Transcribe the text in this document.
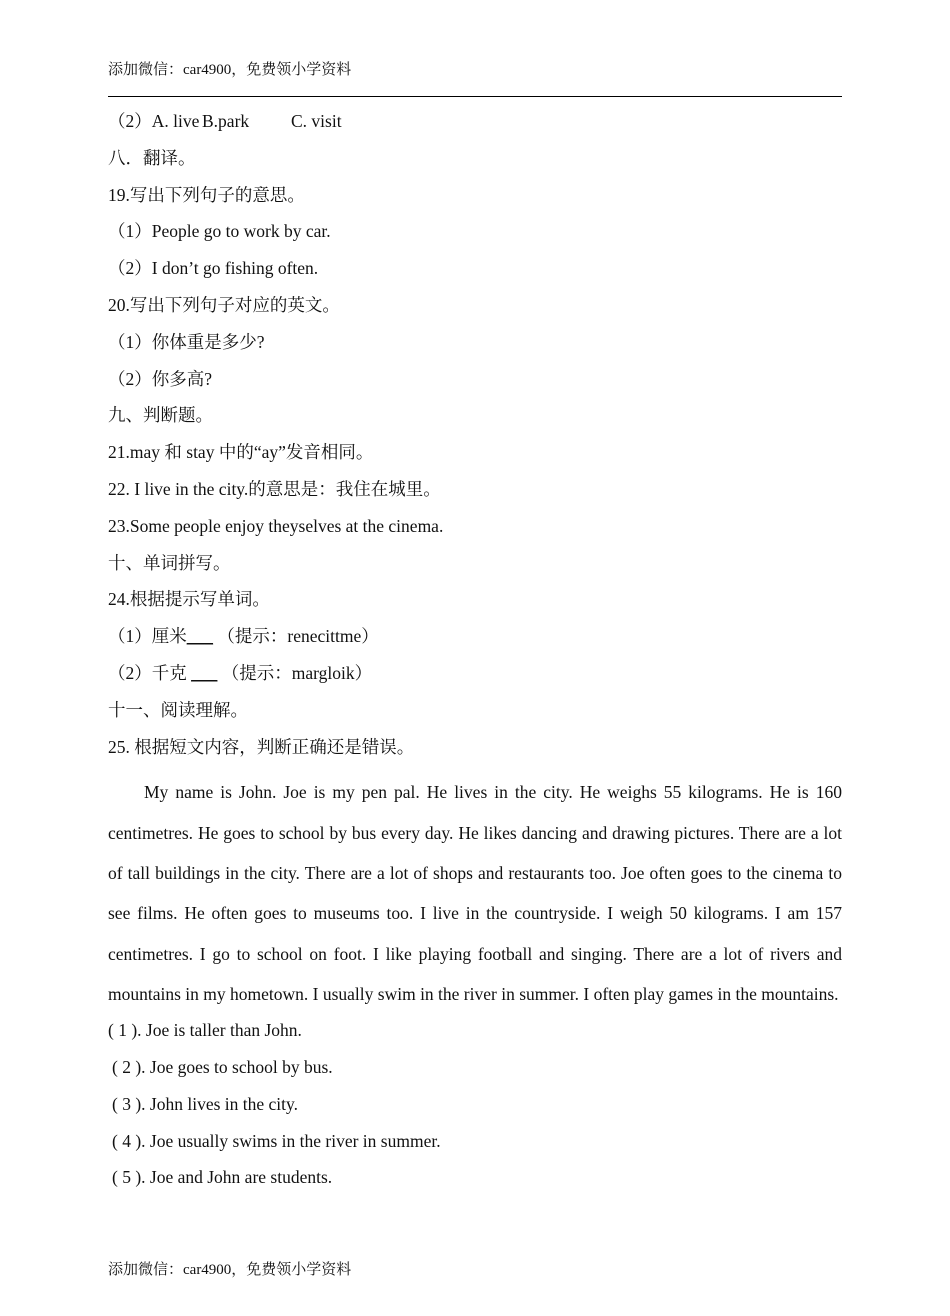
添加微信：car4900，免费领小学资料
（2）A. live B.park C. visit
八．翻译。
19.写出下列句子的意思。
（1）People go to work by car.
（2）I don’t go fishing often.
20.写出下列句子对应的英文。
（1）你体重是多少?
（2）你多高?
九、判断题。
21.may 和 stay 中的“ay”发音相同。
22. I live in the city.的意思是：我住在城里。
23.Some people enjoy theyselves at the cinema.
十、单词拼写。
24.根据提示写单词。
（1）厘米___ （提示：renecittme）
（2）千克 ___ （提示：margloik）
十一、阅读理解。
25. 根据短文内容，判断正确还是错误。
My name is John. Joe is my pen pal. He lives in the city. He weighs 55 kilograms. He is 160 centimetres. He goes to school by bus every day. He likes dancing and drawing pictures. There are a lot of tall buildings in the city. There are a lot of shops and restaurants too. Joe often goes to the cinema to see films. He often goes to museums too. I live in the countryside. I weigh 50 kilograms. I am 157 centimetres. I go to school on foot. I like playing football and singing. There are a lot of rivers and mountains in my hometown. I usually swim in the river in summer. I often play games in the mountains.
( 1 ). Joe is taller than John.
( 2 ). Joe goes to school by bus.
( 3 ). John lives in the city.
( 4 ). Joe usually swims in the river in summer.
( 5 ). Joe and John are students.
添加微信：car4900，免费领小学资料
